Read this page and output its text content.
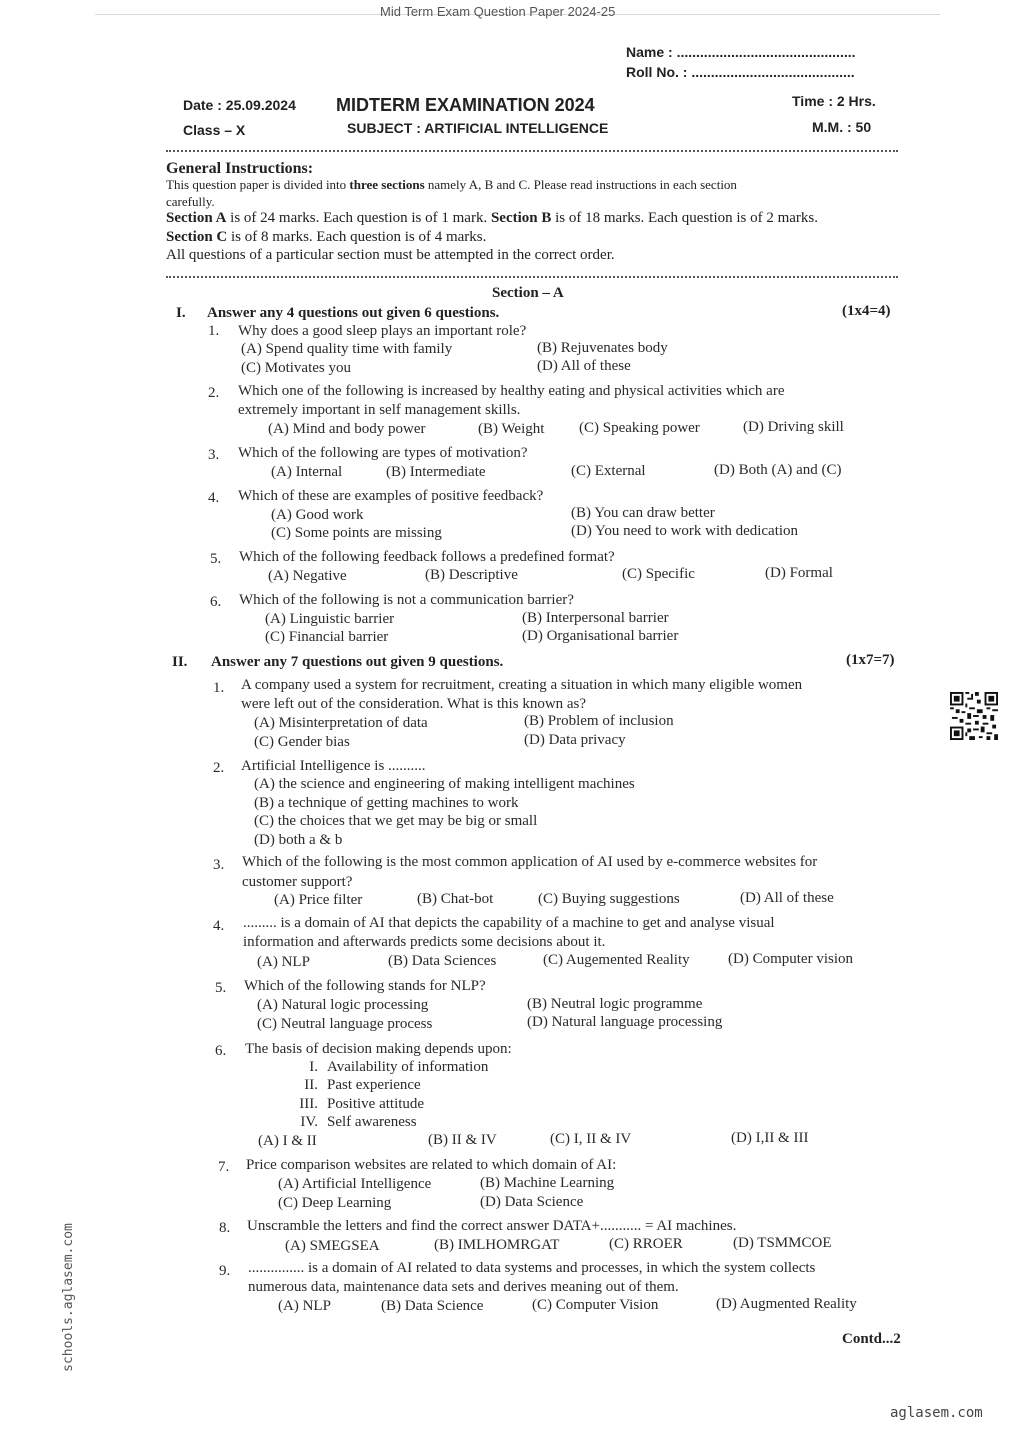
Mid Term Exam Question Paper 2024-25
Name : ..............................................
Roll No. : ..........................................
Date : 25.09.2024 MIDTERM EXAMINATION 2024	Time : 2 Hrs.
Class – X	SUBJECT : ARTIFICIAL INTELLIGENCE	M.M. : 50
General Instructions:
This question paper is divided into three sections namely A, B and C. Please read instructions in each section
carefully.
Section A is of 24 marks. Each question is of 1 mark. Section B is of 18 marks. Each question is of 2 marks.
Section C is of 8 marks. Each question is of 4 marks.
All questions of a particular section must be attempted in the correct order.
Section – A
I. Answer any 4 questions out given 6 questions.	(1x4=4)
1. Why does a good sleep plays an important role?
(A) Spend quality time with family	(B) Rejuvenates body
(C) Motivates you	(D) All of these
2. Which one of the following is increased by healthy eating and physical activities which are
extremely important in self management skills.
(A) Mind and body power	(B) Weight (C) Speaking power	(D) Driving skill
3. Which of the following are types of motivation?
(A) Internal	(B) Intermediate	(C) External	(D) Both (A) and (C)
4. Which of these are examples of positive feedback?
(A) Good work	(B) You can draw better
(C) Some points are missing	(D) You need to work with dedication
5. Which of the following feedback follows a predefined format?
(A) Negative	(B) Descriptive	(C) Specific	(D) Formal
6. Which of the following is not a communication barrier?
(A) Linguistic barrier	(B) Interpersonal barrier
(C) Financial barrier	(D) Organisational barrier
II. Answer any 7 questions out given 9 questions.	(1x7=7)
1. A company used a system for recruitment, creating a situation in which many eligible women
were left out of the consideration. What is this known as?
(A) Misinterpretation of data	(B) Problem of inclusion
(C) Gender bias	(D) Data privacy
2. Artificial Intelligence is ..........
(A) the science and engineering of making intelligent machines
(B) a technique of getting machines to work
(C) the choices that we get may be big or small
(D) both a & b
3. Which of the following is the most common application of AI used by e-commerce websites for
customer support?
(A) Price filter	(B) Chat-bot	(C) Buying suggestions	(D) All of these
4. ......... is a domain of AI that depicts the capability of a machine to get and analyse visual
information and afterwards predicts some decisions about it.
(A) NLP	(B) Data Sciences	(C) Augemented Reality	(D) Computer vision
5. Which of the following stands for NLP?
(A) Natural logic processing	(B) Neutral logic programme
(C) Neutral language process	(D) Natural language processing
6. The basis of decision making depends upon:
I. Availability of information
II. Past experience
III. Positive attitude
IV. Self awareness
(A) I & II	(B) II & IV	(C) I, II & IV	(D) I,II & III
7. Price comparison websites are related to which domain of AI:
(A) Artificial Intelligence	(B) Machine Learning
(C) Deep Learning	(D) Data Science
8. Unscramble the letters and find the correct answer DATA+........... = AI machines.
(A) SMEGSEA	(B) IMLHOMRGAT	(C) RROER	(D) TSMMCOE
9. ............... is a domain of AI related to data systems and processes, in which the system collects
numerous data, maintenance data sets and derives meaning out of them.
(A) NLP	(B) Data Science	(C) Computer Vision	(D) Augmented Reality
Contd...2
schools.aglasem.com
aglasem.com
